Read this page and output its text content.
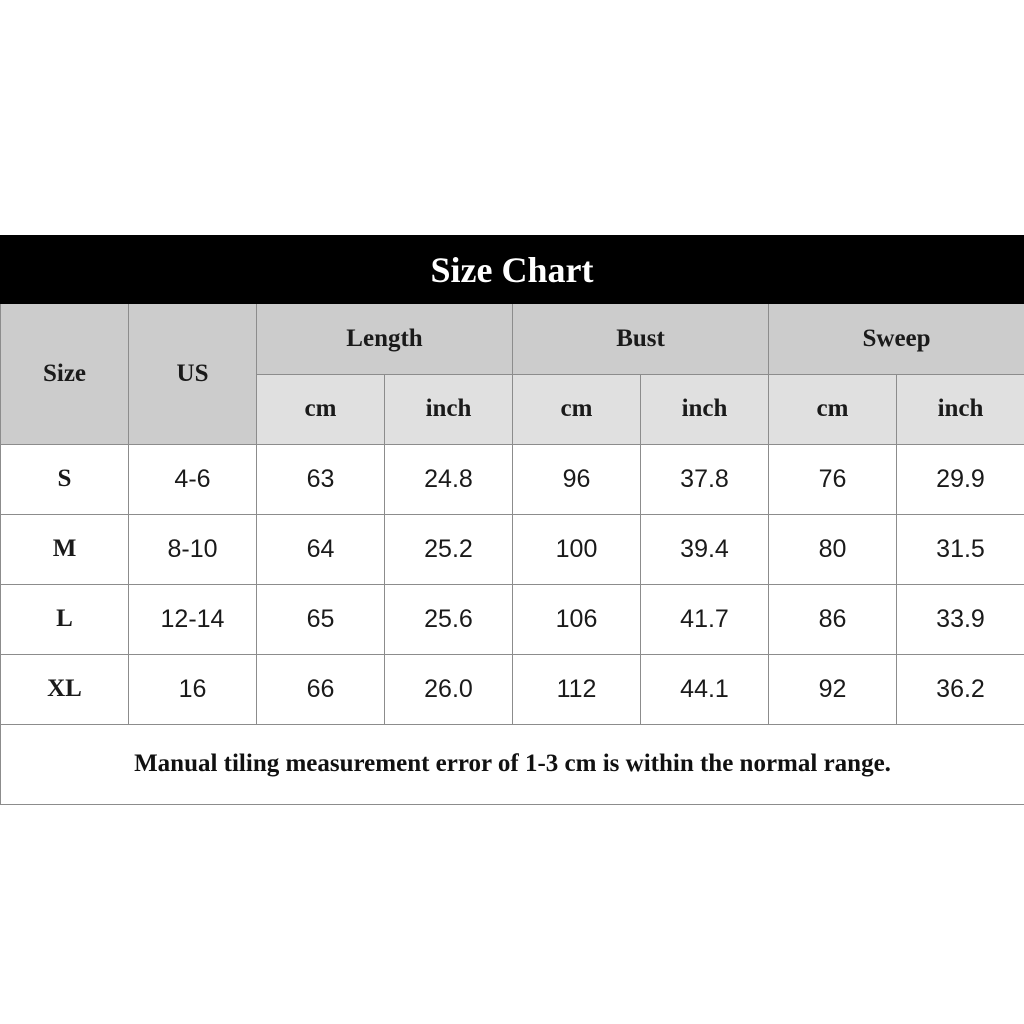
Size Chart
Size	US	Length		Bust		Sweep	
		cm	inch	cm	inch	cm	inch
S	4-6	63	24.8	96	37.8	76	29.9
M	8-10	64	25.2	100	39.4	80	31.5
L	12-14	65	25.6	106	41.7	86	33.9
XL	16	66	26.0	112	44.1	92	36.2
Manual tiling measurement error of 1-3 cm is within the normal range.							
